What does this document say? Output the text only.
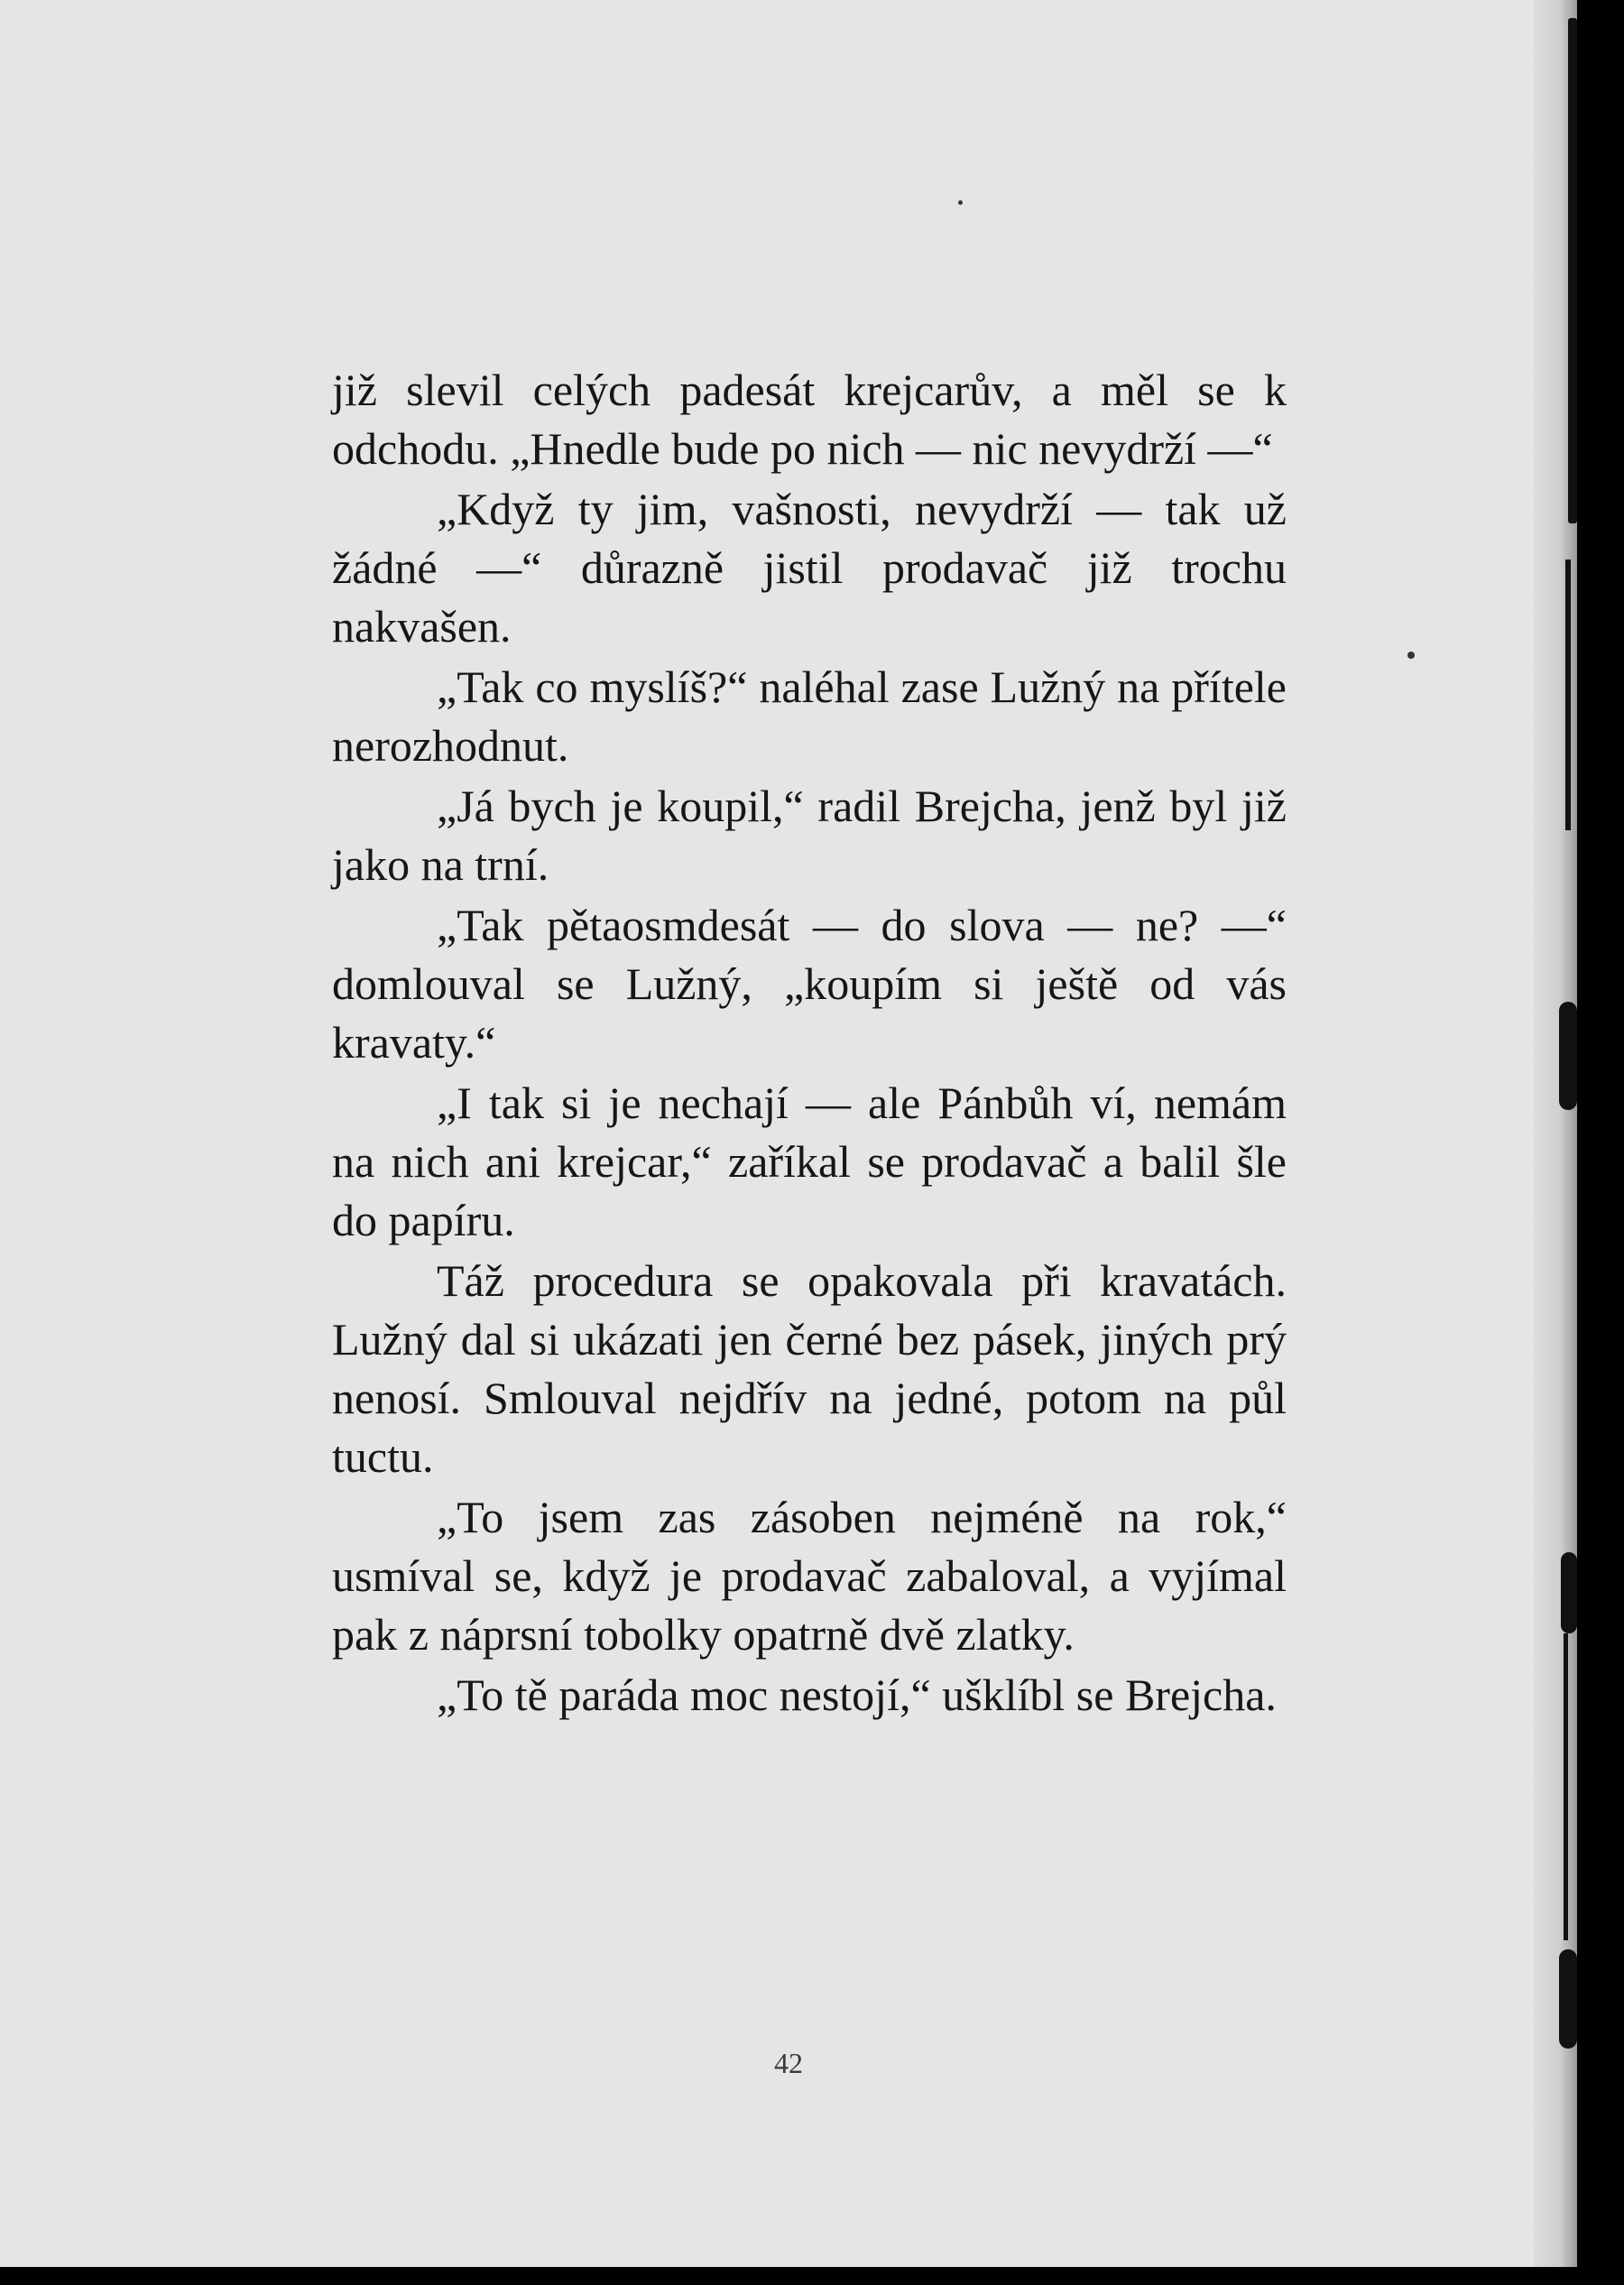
již slevil celých padesát krejcarův, a měl se k odchodu. „Hnedle bude po nich — nic nevydrží —“

„Když ty jim, vašnosti, nevydrží — tak už žádné —“ důrazně jistil prodavač již trochu nakvašen.

„Tak co myslíš?“ naléhal zase Lužný na přítele nerozhodnut.

„Já bych je koupil,“ radil Brejcha, jenž byl již jako na trní.

„Tak pětaosmdesát — do slova — ne? —“ domlouval se Lužný, „koupím si ještě od vás kravaty.“

„I tak si je nechají — ale Pánbůh ví, nemám na nich ani krejcar,“ zaříkal se prodavač a balil šle do papíru.

Táž procedura se opakovala při kravatách. Lužný dal si ukázati jen černé bez pásek, jiných prý nenosí. Smlouval nejdřív na jedné, potom na půl tuctu.

„To jsem zas zásoben nejméně na rok,“ usmíval se, když je prodavač zabaloval, a vyjímal pak z náprsní tobolky opatrně dvě zlatky.

„To tě paráda moc nestojí,“ ušklíbl se Brejcha.

42
